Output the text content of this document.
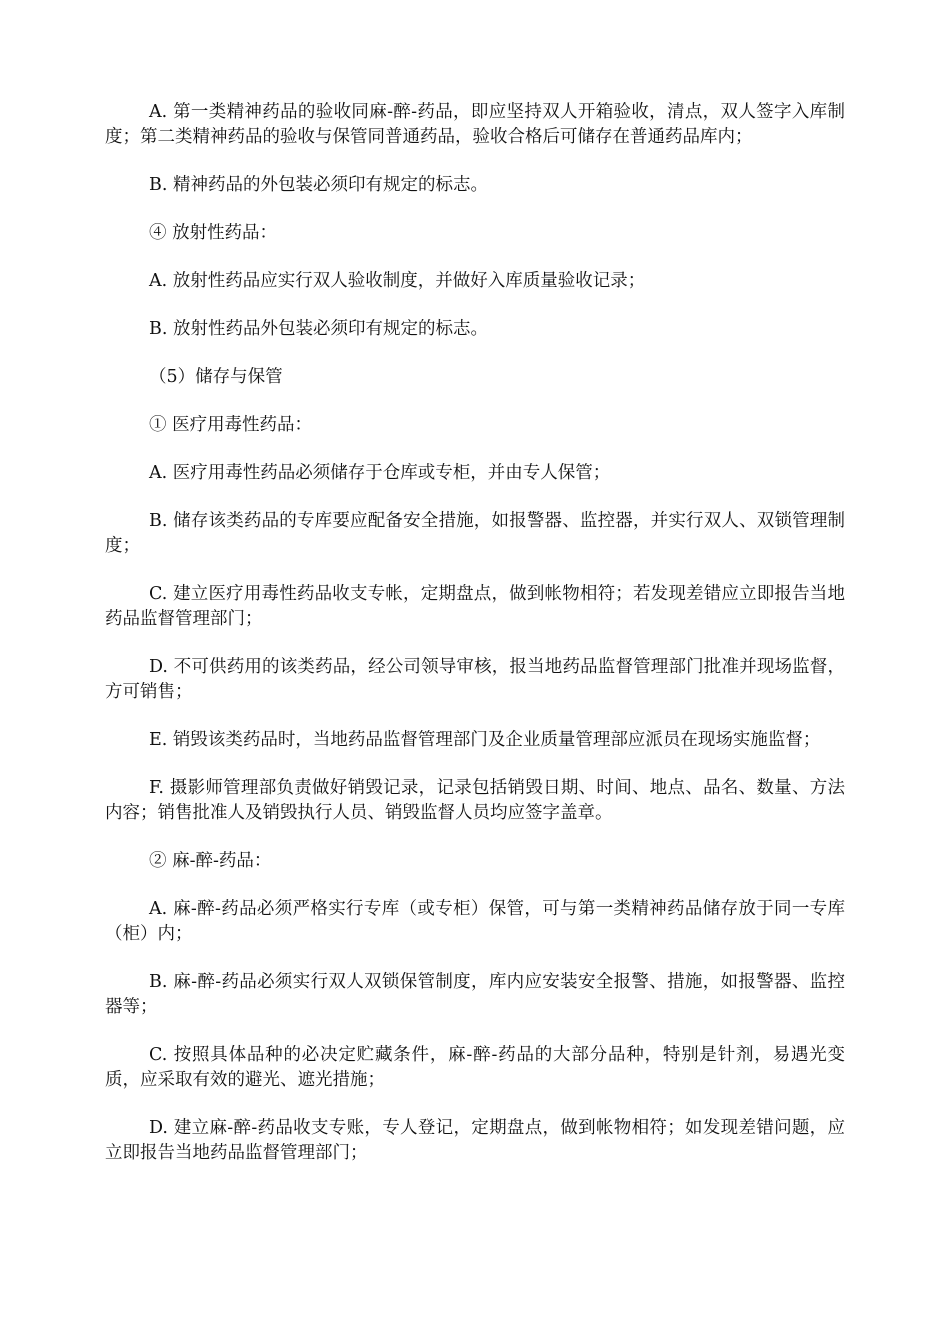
A. 第一类精神药品的验收同麻-醉-药品，即应坚持双人开箱验收，清点，双人签字入库制度；第二类精神药品的验收与保管同普通药品，验收合格后可储存在普通药品库内；

B. 精神药品的外包装必须印有规定的标志。

④ 放射性药品：

A. 放射性药品应实行双人验收制度，并做好入库质量验收记录；

B. 放射性药品外包装必须印有规定的标志。

（5）储存与保管

① 医疗用毒性药品：

A. 医疗用毒性药品必须储存于仓库或专柜，并由专人保管；

B. 储存该类药品的专库要应配备安全措施，如报警器、监控器，并实行双人、双锁管理制度；

C. 建立医疗用毒性药品收支专帐，定期盘点，做到帐物相符；若发现差错应立即报告当地药品监督管理部门；

D. 不可供药用的该类药品，经公司领导审核，报当地药品监督管理部门批准并现场监督，方可销售；

E. 销毁该类药品时，当地药品监督管理部门及企业质量管理部应派员在现场实施监督；

F. 摄影师管理部负责做好销毁记录，记录包括销毁日期、时间、地点、品名、数量、方法内容；销售批准人及销毁执行人员、销毁监督人员均应签字盖章。

② 麻-醉-药品：

A. 麻-醉-药品必须严格实行专库（或专柜）保管，可与第一类精神药品储存放于同一专库（柜）内；

B. 麻-醉-药品必须实行双人双锁保管制度，库内应安装安全报警、措施，如报警器、监控器等；

C. 按照具体品种的必决定贮藏条件，麻-醉-药品的大部分品种，特别是针剂，易遇光变质，应采取有效的避光、遮光措施；

D. 建立麻-醉-药品收支专账，专人登记，定期盘点，做到帐物相符；如发现差错问题，应立即报告当地药品监督管理部门；
